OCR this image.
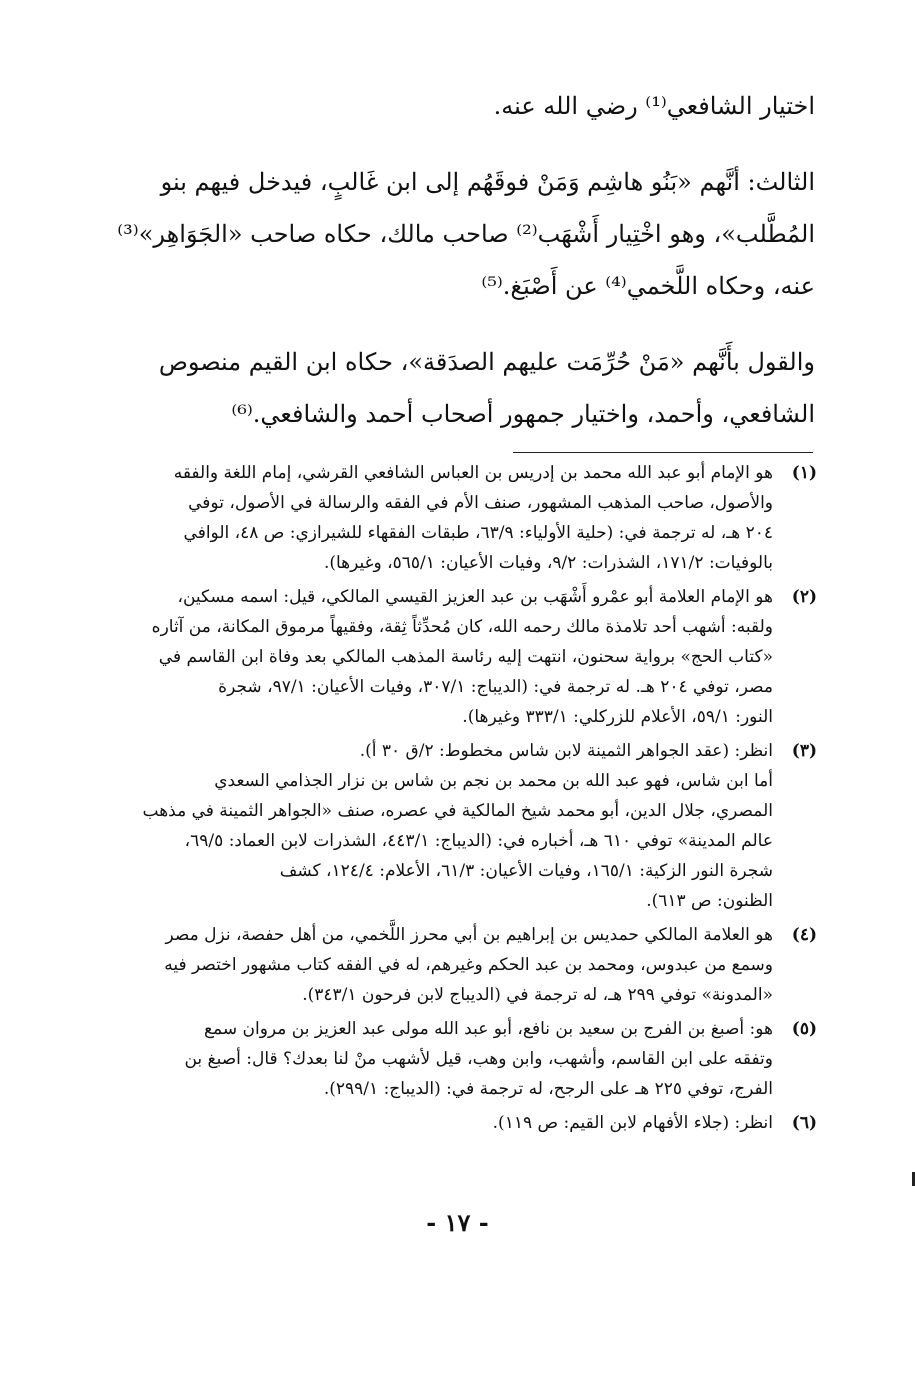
اختيار الشافعي⁽¹⁾ رضي الله عنه.

الثالث: أنَّهم «بَنُو هاشِم وَمَنْ فوقَهُم إلى ابن غَالبٍ، فيدخل فيهم بنو
المُطَّلب»، وهو اخْتِيار أَشْهَب⁽²⁾ صاحب مالك، حكاه صاحب «الجَوَاهِر»⁽³⁾
عنه، وحكاه اللَّخمي⁽⁴⁾ عن أَصْبَغ.⁽⁵⁾

والقول بأَنَّهم «مَنْ حُرِّمَت عليهم الصدَقة»، حكاه ابن القيم منصوص
الشافعي، وأحمد، واختيار جمهور أصحاب أحمد والشافعي.⁽⁶⁾

(١)
هو الإمام أبو عبد الله محمد بن إدريس بن العباس الشافعي القرشي، إمام اللغة والفقه
والأصول، صاحب المذهب المشهور، صنف الأم في الفقه والرسالة في الأصول، توفي
٢٠٤ هـ، له ترجمة في: (حلية الأولياء: ٦٣/٩، طبقات الفقهاء للشيرازي: ص ٤٨، الوافي
بالوفيات: ١٧١/٢، الشذرات: ٩/٢، وفيات الأعيان: ٥٦٥/١، وغيرها).
(٢)
هو الإمام العلامة أبو عمْرو أَشْهَب بن عبد العزيز القيسي المالكي، قيل: اسمه مسكين،
ولقبه: أشهب أحد تلامذة مالك رحمه الله، كان مُحدِّثاً ثِقة، وفقيهاً مرموق المكانة، من آثاره
«كتاب الحج» برواية سحنون، انتهت إليه رئاسة المذهب المالكي بعد وفاة ابن القاسم في
مصر، توفي ٢٠٤ هـ. له ترجمة في: (الديباج: ٣٠٧/١، وفيات الأعيان: ٩٧/١، شجرة
النور: ٥٩/١، الأعلام للزركلي: ٣٣٣/١ وغيرها).
(٣)
انظر: (عقد الجواهر الثمينة لابن شاس مخطوط: ٢/ق ٣٠ أ).
أما ابن شاس، فهو عبد الله بن محمد بن نجم بن شاس بن نزار الجذامي السعدي
المصري، جلال الدين، أبو محمد شيخ المالكية في عصره، صنف «الجواهر الثمينة في مذهب
عالم المدينة» توفي ٦١٠ هـ، أخباره في: (الديباج: ٤٤٣/١، الشذرات لابن العماد: ٦٩/٥،
شجرة النور الزكية: ١٦٥/١، وفيات الأعيان: ٦١/٣، الأعلام: ١٢٤/٤، كشف
الظنون: ص ٦١٣).
(٤)
هو العلامة المالكي حمديس بن إبراهيم بن أبي محرز اللَّخمي، من أهل حفصة، نزل مصر
وسمع من عبدوس، ومحمد بن عبد الحكم وغيرهم، له في الفقه كتاب مشهور اختصر فيه
«المدونة» توفي ٢٩٩ هـ، له ترجمة في (الديباج لابن فرحون ٣٤٣/١).
(٥)
هو: أصبغ بن الفرج بن سعيد بن نافع، أبو عبد الله مولى عبد العزيز بن مروان سمع
وتفقه على ابن القاسم، وأشهب، وابن وهب، قيل لأشهب منْ لنا بعدك؟ قال: أصبغ بن
الفرج، توفي ٢٢٥ هـ على الرجح، له ترجمة في: (الديباج: ٢٩٩/١).
(٦)
انظر: (جلاء الأفهام لابن القيم: ص ١١٩).
- ١٧ -
